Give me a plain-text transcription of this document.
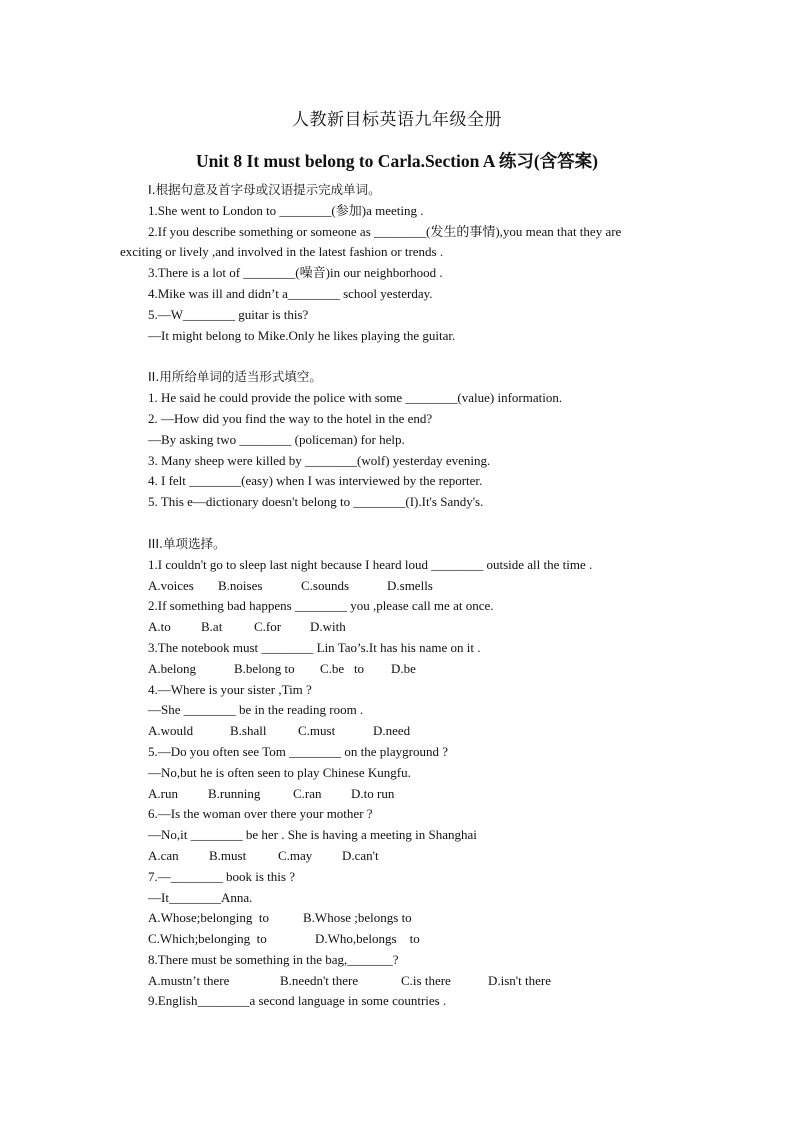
人教新目标英语九年级全册
Unit 8 It must belong to Carla.Section A 练习(含答案)
I.根据句意及首字母或汉语提示完成单词。
1.She went to London to ________(参加)a meeting .
2.If you describe something or someone as ________(发生的事情),you mean that they are
exciting or lively ,and involved in the latest fashion or trends .
3.There is a lot of ________(噪音)in our neighborhood .
4.Mike was ill and didn’t a________ school yesterday.
5.—W________ guitar is this?
—It might belong to Mike.Only he likes playing the guitar.
II.用所给单词的适当形式填空。
1. He said he could provide the police with some ________(value) information.
2. —How did you find the way to the hotel in the end?
—By asking two ________ (policeman) for help.
3. Many sheep were killed by ________(wolf) yesterday evening.
4. I felt ________(easy) when I was interviewed by the reporter.
5. This e—dictionary doesn't belong to ________(I).It's Sandy's.
III.单项选择。
1.I couldn't go to sleep last night because I heard loud ________ outside all the time .
A.voices	B.noises	C.sounds	D.smells
2.If something bad happens ________ you ,please call me at once.
A.to	B.at	C.for	D.with
3.The notebook must ________ Lin Tao’s.It has his name on it .
A.belong	B.belong to	C.be   to	D.be
4.—Where is your sister ,Tim ?
—She ________ be in the reading room .
A.would	B.shall	C.must	D.need
5.—Do you often see Tom ________ on the playground ?
—No,but he is often seen to play Chinese Kungfu.
A.run	B.running	C.ran	D.to run
6.—Is the woman over there your mother ?
—No,it ________ be her . She is having a meeting in Shanghai
A.can	B.must	C.may	D.can't
7.—________ book is this ?
—It________Anna.
A.Whose;belonging  to	B.Whose ;belongs to
C.Which;belonging  to	D.Who,belongs    to
8.There must be something in the bag,_______?
A.mustn’t there	B.needn't there	C.is there	D.isn't there
9.English________a second language in some countries .
